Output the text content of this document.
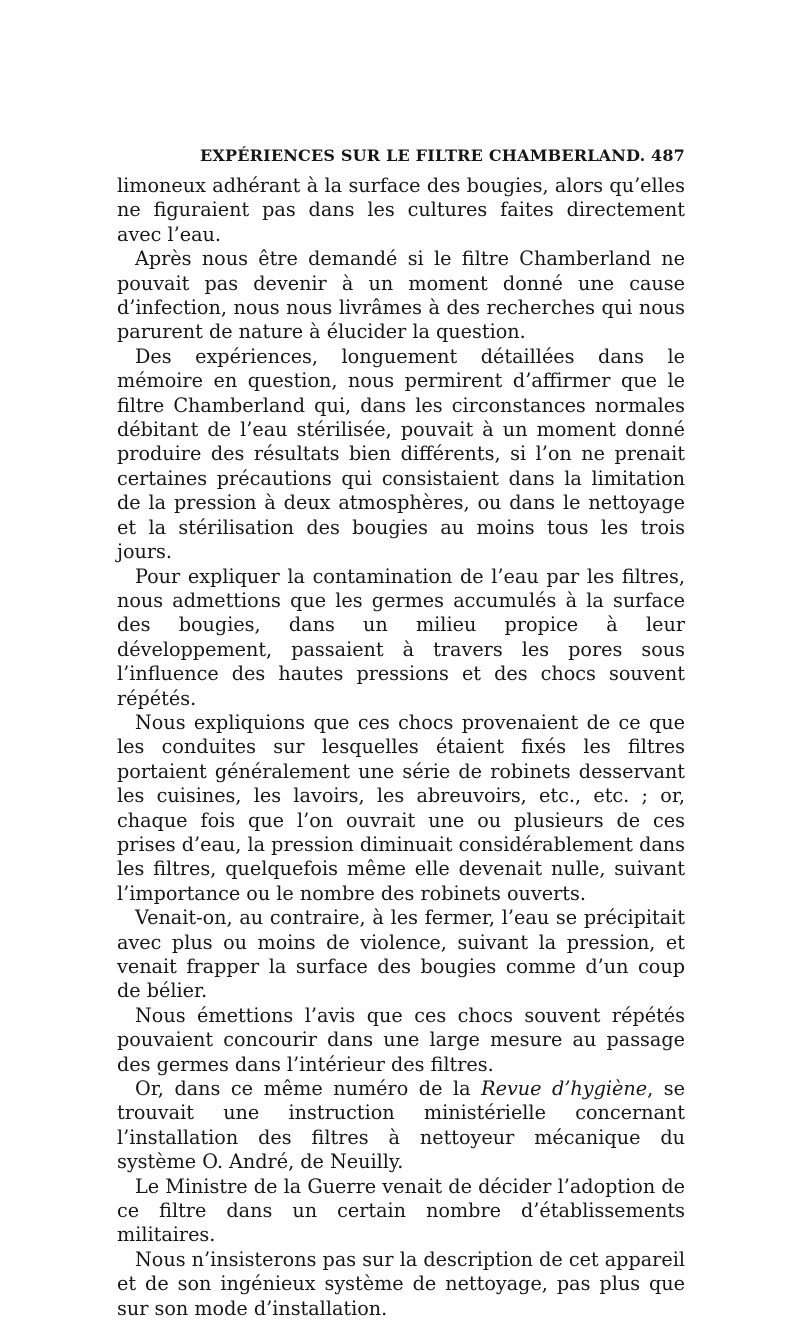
EXPÉRIENCES SUR LE FILTRE CHAMBERLAND. 487

limoneux adhérant à la surface des bougies, alors qu’elles ne figuraient pas dans les cultures faites directement avec l’eau.

Après nous être demandé si le filtre Chamberland ne pouvait pas devenir à un moment donné une cause d’infection, nous nous livrâmes à des recherches qui nous parurent de nature à élucider la question.

Des expériences, longuement détaillées dans le mémoire en question, nous permirent d’affirmer que le filtre Chamberland qui, dans les circonstances normales débitant de l’eau stérilisée, pouvait à un moment donné produire des résultats bien différents, si l’on ne prenait certaines précautions qui consistaient dans la limitation de la pression à deux atmosphères, ou dans le nettoyage et la stérilisation des bougies au moins tous les trois jours.

Pour expliquer la contamination de l’eau par les filtres, nous admettions que les germes accumulés à la surface des bougies, dans un milieu propice à leur développement, passaient à travers les pores sous l’influence des hautes pressions et des chocs souvent répétés.

Nous expliquions que ces chocs provenaient de ce que les conduites sur lesquelles étaient fixés les filtres portaient généralement une série de robinets desservant les cuisines, les lavoirs, les abreuvoirs, etc., etc. ; or, chaque fois que l’on ouvrait une ou plusieurs de ces prises d’eau, la pression diminuait considérablement dans les filtres, quelquefois même elle devenait nulle, suivant l’importance ou le nombre des robinets ouverts.

Venait-on, au contraire, à les fermer, l’eau se précipitait avec plus ou moins de violence, suivant la pression, et venait frapper la surface des bougies comme d’un coup de bélier.

Nous émettions l’avis que ces chocs souvent répétés pouvaient concourir dans une large mesure au passage des germes dans l’intérieur des filtres.

Or, dans ce même numéro de la Revue d’hygiène, se trouvait une instruction ministérielle concernant l’installation des filtres à nettoyeur mécanique du système O. André, de Neuilly.

Le Ministre de la Guerre venait de décider l’adoption de ce filtre dans un certain nombre d’établissements militaires.

Nous n’insisterons pas sur la description de cet appareil et de son ingénieux système de nettoyage, pas plus que sur son mode d’installation.
